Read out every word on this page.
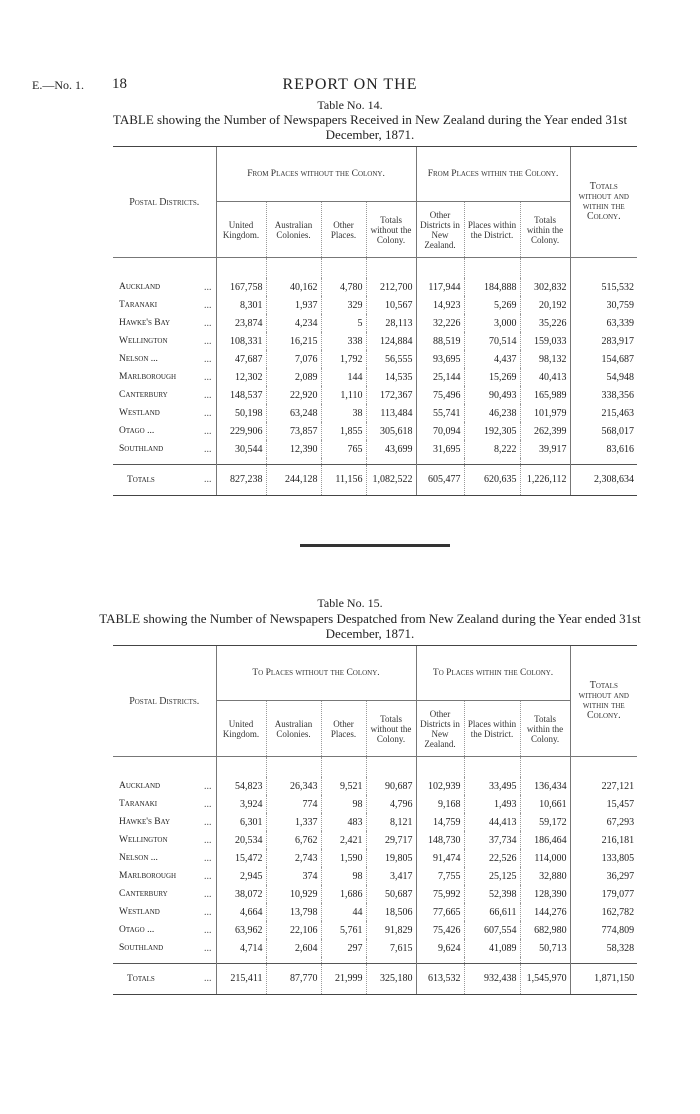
E.—No. 1. 18	REPORT ON THE
Table No. 14.
TABLE showing the Number of Newspapers Received in New Zealand during the Year ended 31st December, 1871.
Postal Districts.		From Places without the Colony.				From Places within the Colony.			Totals without and within the Colony.
		United Kingdom.	Australian Colonies.	Other Places.	Totals without the Colony.	Other Districts in New Zealand.	Places within the District.	Totals within the Colony.	

Auckland	...	167,758	40,162	4,780	212,700	117,944	184,888	302,832	515,532
Taranaki	...	8,301	1,937	329	10,567	14,923	5,269	20,192	30,759
Hawke's Bay	...	23,874	4,234	5	28,113	32,226	3,000	35,226	63,339
Wellington	...	108,331	16,215	338	124,884	88,519	70,514	159,033	283,917
Nelson ...	...	47,687	7,076	1,792	56,555	93,695	4,437	98,132	154,687
Marlborough	...	12,302	2,089	144	14,535	25,144	15,269	40,413	54,948
Canterbury	...	148,537	22,920	1,110	172,367	75,496	90,493	165,989	338,356
Westland	...	50,198	63,248	38	113,484	55,741	46,238	101,979	215,463
Otago ...	...	229,906	73,857	1,855	305,618	70,094	192,305	262,399	568,017
Southland	...	30,544	12,390	765	43,699	31,695	8,222	39,917	83,616

Totals	...	827,238	244,128	11,156	1,082,522	605,477	620,635	1,226,112	2,308,634
Table No. 15.
TABLE showing the Number of Newspapers Despatched from New Zealand during the Year ended 31st December, 1871.
Postal Districts.		To Places without the Colony.				To Places within the Colony.			Totals without and within the Colony.
		United Kingdom.	Australian Colonies.	Other Places.	Totals without the Colony.	Other Districts in New Zealand.	Places within the District.	Totals within the Colony.	

Auckland	...	54,823	26,343	9,521	90,687	102,939	33,495	136,434	227,121
Taranaki	...	3,924	774	98	4,796	9,168	1,493	10,661	15,457
Hawke's Bay	...	6,301	1,337	483	8,121	14,759	44,413	59,172	67,293
Wellington	...	20,534	6,762	2,421	29,717	148,730	37,734	186,464	216,181
Nelson ...	...	15,472	2,743	1,590	19,805	91,474	22,526	114,000	133,805
Marlborough	...	2,945	374	98	3,417	7,755	25,125	32,880	36,297
Canterbury	...	38,072	10,929	1,686	50,687	75,992	52,398	128,390	179,077
Westland	...	4,664	13,798	44	18,506	77,665	66,611	144,276	162,782
Otago ...	...	63,962	22,106	5,761	91,829	75,426	607,554	682,980	774,809
Southland	...	4,714	2,604	297	7,615	9,624	41,089	50,713	58,328

Totals	...	215,411	87,770	21,999	325,180	613,532	932,438	1,545,970	1,871,150
